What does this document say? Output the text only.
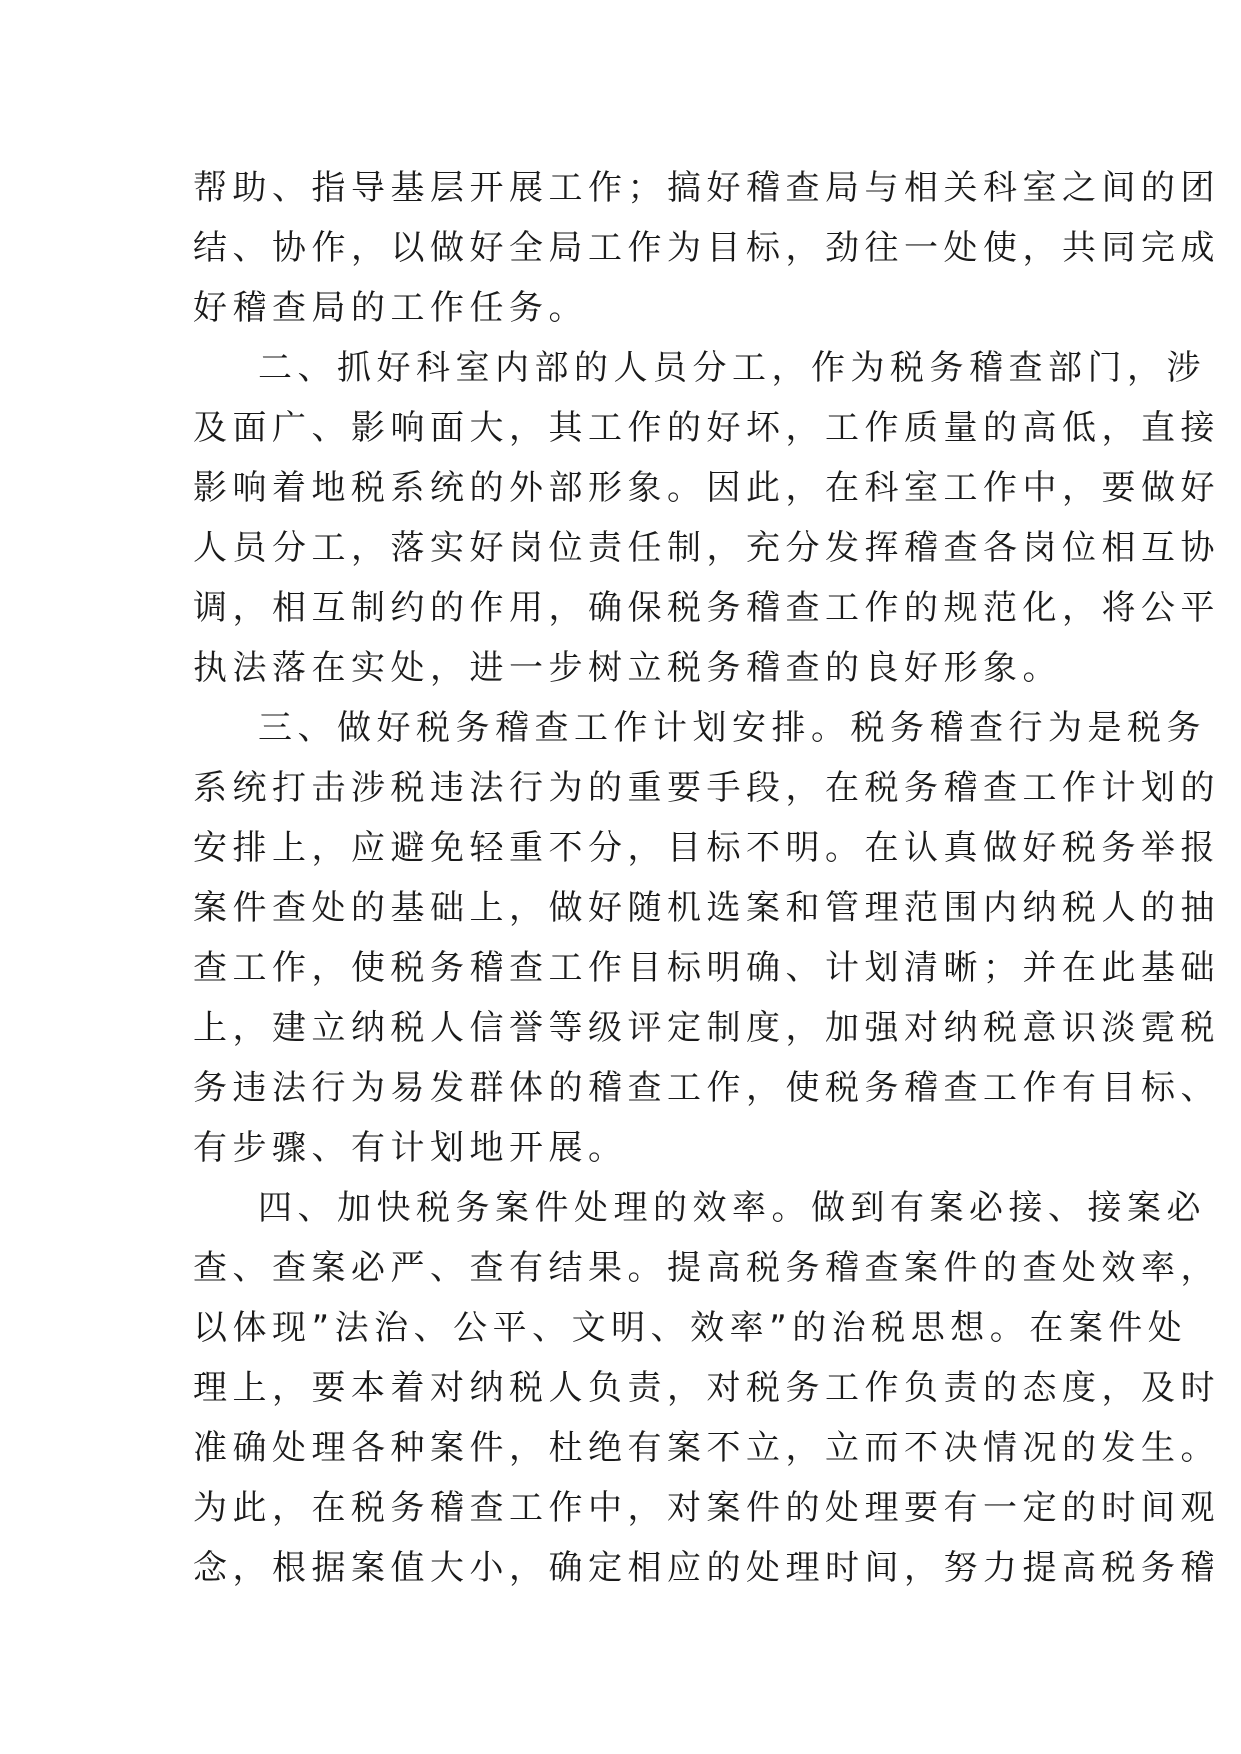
帮助、指导基层开展工作；搞好稽查局与相关科室之间的团
结、协作，以做好全局工作为目标，劲往一处使，共同完成
好稽查局的工作任务。
二、抓好科室内部的人员分工，作为税务稽查部门，涉
及面广、影响面大，其工作的好坏，工作质量的高低，直接
影响着地税系统的外部形象。因此，在科室工作中，要做好
人员分工，落实好岗位责任制，充分发挥稽查各岗位相互协
调，相互制约的作用，确保税务稽查工作的规范化，将公平
执法落在实处，进一步树立税务稽查的良好形象。
三、做好税务稽查工作计划安排。税务稽查行为是税务
系统打击涉税违法行为的重要手段，在税务稽查工作计划的
安排上，应避免轻重不分，目标不明。在认真做好税务举报
案件查处的基础上，做好随机选案和管理范围内纳税人的抽
查工作，使税务稽查工作目标明确、计划清晰；并在此基础
上，建立纳税人信誉等级评定制度，加强对纳税意识淡霓税
务违法行为易发群体的稽查工作，使税务稽查工作有目标、
有步骤、有计划地开展。
四、加快税务案件处理的效率。做到有案必接、接案必
查、查案必严、查有结果。提高税务稽查案件的查处效率，
以体现”法治、公平、文明、效率”的治税思想。在案件处
理上，要本着对纳税人负责，对税务工作负责的态度，及时
准确处理各种案件，杜绝有案不立，立而不决情况的发生。
为此，在税务稽查工作中，对案件的处理要有一定的时间观
念，根据案值大小，确定相应的处理时间，努力提高税务稽
